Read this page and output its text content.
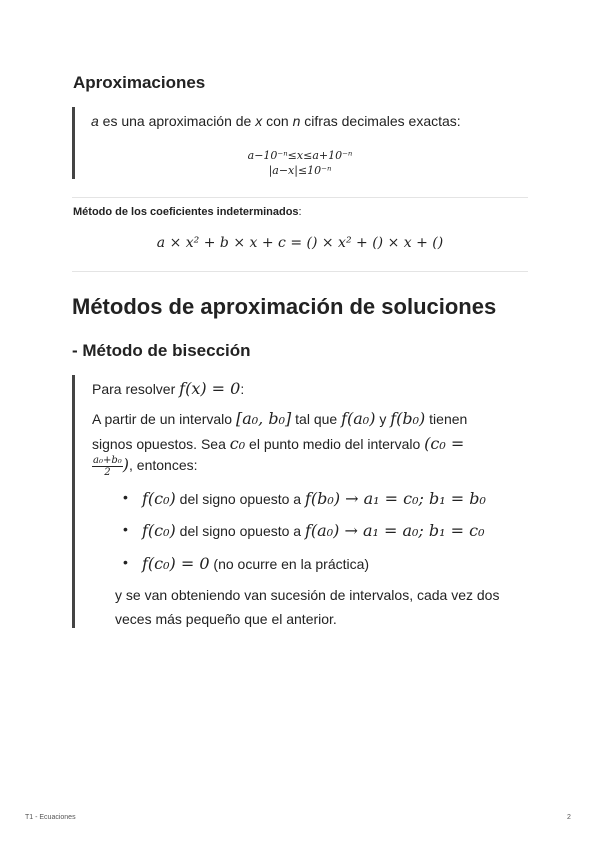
Aproximaciones
a es una aproximación de x con n cifras decimales exactas:
a−10⁻ⁿ≤x≤a+10⁻ⁿ
|a−x|≤10⁻ⁿ
Método de los coeficientes indeterminados:
a × x² + b × x + c = () × x² + () × x + ()
Métodos de aproximación de soluciones
- Método de bisección
Para resolver f(x) = 0:
A partir de un intervalo [a₀, b₀] tal que f(a₀) y f(b₀) tienen
signos opuestos. Sea c₀ el punto medio del intervalo (c₀ =
$\frac{\text{a₀+b₀}}{2}$ ), entonces:
• f(c₀) del signo opuesto a f(b₀) → a₁ = c₀; b₁ = b₀
• f(c₀) del signo opuesto a f(a₀) → a₁ = a₀; b₁ = c₀
• f(c₀) = 0 (no ocurre en la práctica)
y se van obteniendo van sucesión de intervalos, cada vez dos
veces más pequeño que el anterior.
T1 - Ecuaciones	2
